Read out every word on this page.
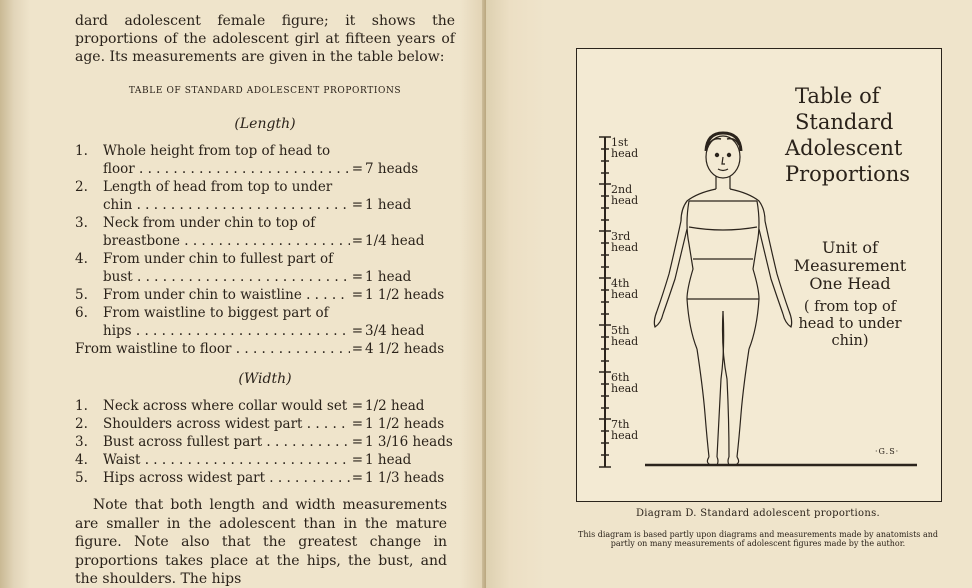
dard adolescent female figure; it shows the proportions of the adolescent girl at fifteen years of age. Its measurements are given in the table below:

TABLE OF STANDARD ADOLESCENT PROPORTIONS
(Length)
1.	Whole height from top of head to
floor . . .	= 7 heads
2.	Length of head from top to under
chin . . .	= 1 head
3.	Neck from under chin to top of
breastbone . . .	= 1/4 head
4.	From under chin to fullest part of
bust . . .	= 1 head
5.	From under chin to waistline . . .	= 1 1/2 heads
6.	From waistline to biggest part of
hips . . .	= 3/4 head
From waistline to floor . . .	= 4 1/2 heads
(Width)
1.	Neck across where collar would set = 1/2 head
2.	Shoulders across widest part . . .	= 1 1/2 heads
3.	Bust across fullest part . . .	= 1 3/16 heads
4.	Waist . . .	= 1 head
5.	Hips across widest part . . .	= 1 1/3 heads

Note that both length and width measurements are smaller in the adolescent than in the mature figure. Note also that the greatest change in proportions takes place at the hips, the bust, and the shoulders. The hips

1st
head
2nd
head
3rd
head
4th
head
5th
head
6th
head
7th
head
Table of
Standard
Adolescent
Proportions
Unit of
Measurement
One Head
( from top of head to under chin)
·G.S·
Diagram D. Standard adolescent proportions.
This diagram is based partly upon diagrams and measurements made by anatomists and partly on many measurements of adolescent figures made by the author.
